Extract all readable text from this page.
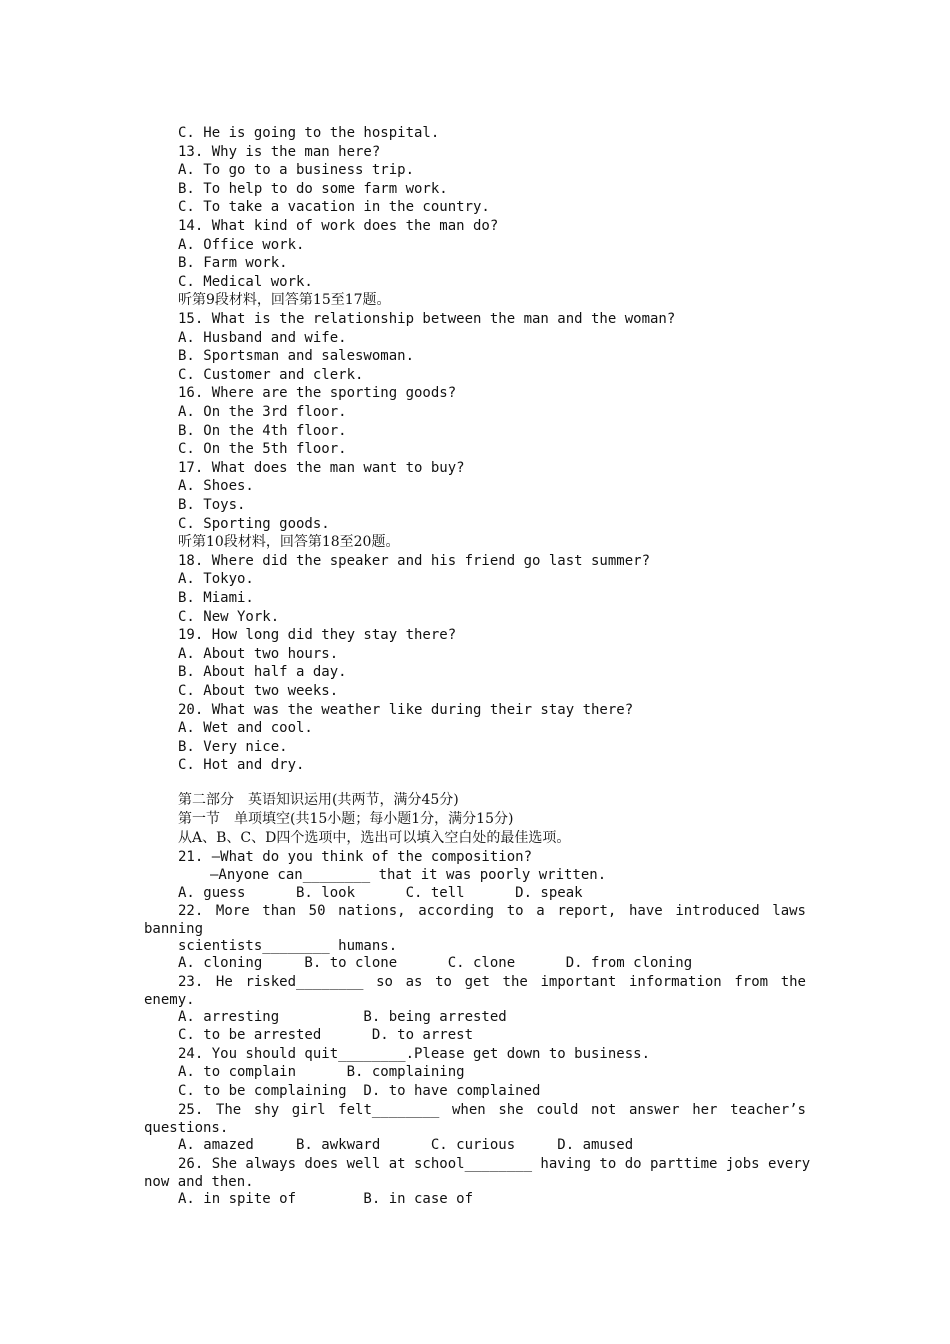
C. He is going to the hospital.
13. Why is the man here?
A. To go to a business trip.
B. To help to do some farm work.
C. To take a vacation in the country.
14. What kind of work does the man do?
A. Office work.
B. Farm work.
C. Medical work.
听第9段材料，回答第15至17题。
15. What is the relationship between the man and the woman?
A. Husband and wife.
B. Sportsman and saleswoman.
C. Customer and clerk.
16. Where are the sporting goods?
A. On the 3rd floor.
B. On the 4th floor.
C. On the 5th floor.
17. What does the man want to buy?
A. Shoes.
B. Toys.
C. Sporting goods.
听第10段材料，回答第18至20题。
18. Where did the speaker and his friend go last summer?
A. Tokyo.
B. Miami.
C. New York.
19. How long did they stay there?
A. About two hours.
B. About half a day.
C. About two weeks.
20. What was the weather like during their stay there?
A. Wet and cool.
B. Very nice.
C. Hot and dry.
第二部分　英语知识运用(共两节，满分45分)
第一节　单项填空(共15小题；每小题1分，满分15分)
从A、B、C、D四个选项中，选出可以填入空白处的最佳选项。
21. —What do you think of the composition?
—Anyone can________ that it was poorly written.
A. guess      B. look      C. tell      D. speak
22. More than 50 nations, according to a report, have introduced laws
banning
scientists________ humans.
A. cloning     B. to clone      C. clone      D. from cloning
23. He risked________ so as to get the important information from the
enemy.
A. arresting          B. being arrested
C. to be arrested      D. to arrest
24. You should quit________.Please get down to business.
A. to complain      B. complaining
C. to be complaining  D. to have complained
25. The shy girl felt________ when she could not answer her teacher’s
questions.
A. amazed     B. awkward      C. curious     D. amused
26. She always does well at school________ having to do parttime jobs every
now and then.
A. in spite of        B. in case of
